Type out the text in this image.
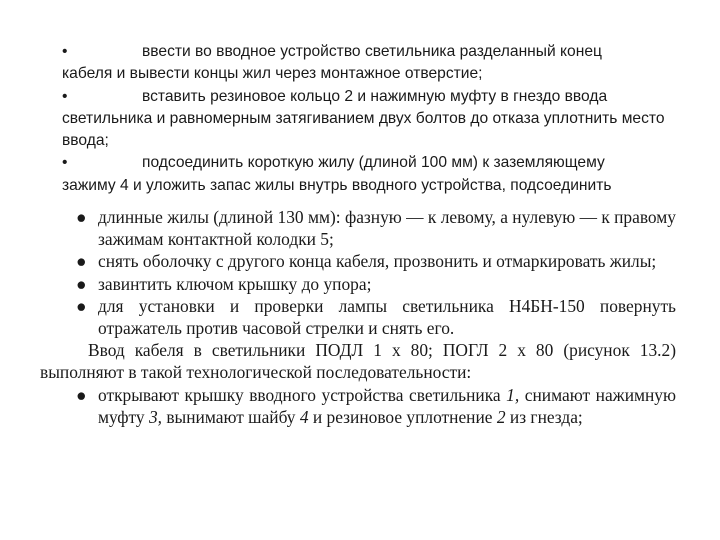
•	ввести во вводное устройство светильника разделанный конец
кабеля и вывести концы жил через монтажное отверстие;
•	вставить резиновое кольцо 2 и нажимную муфту в гнездо ввода
светильника и равномерным затягиванием двух болтов до отказа уплотнить место ввода;
•	подсоединить короткую жилу (длиной 100 мм) к заземляющему
зажиму 4 и уложить запас жилы внутрь вводного устройства, подсоединить

● длинные жилы (длиной 130 мм): фазную — к левому, а нулевую — к правому зажимам контактной колодки 5;

● снять оболочку с другого конца кабеля, прозвонить и отмаркировать жилы;

● завинтить ключом крышку до упора;

● для установки и проверки лампы светильника Н4БН-150 повернуть отражатель против часовой стрелки и снять его.

Ввод кабеля в светильники ПОДЛ 1 х 80; ПОГЛ 2 х 80 (рисунок 13.2) выполняют в такой технологической последовательности:

● открывают крышку вводного устройства светильника 1, снимают нажимную муфту 3, вынимают шайбу 4 и резиновое уплотнение 2 из гнезда;
